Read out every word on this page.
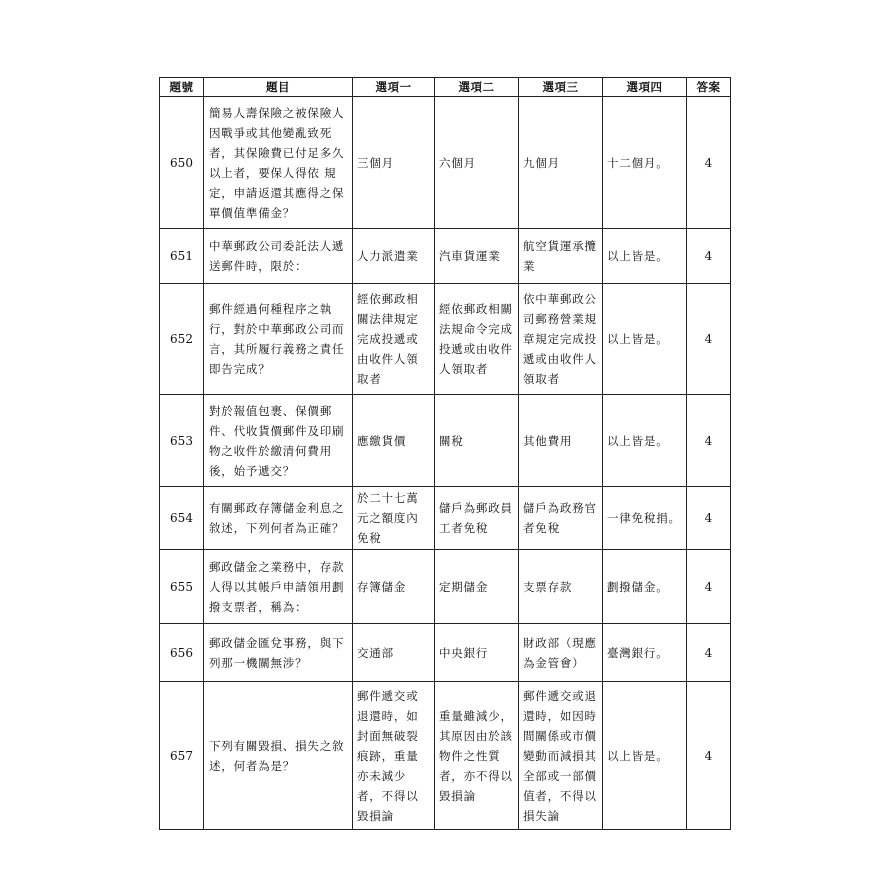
題號	題目	選項一	選項二	選項三	選項四	答案
650	簡易人壽保險之被保險人因戰爭或其他變亂致死者，其保險費已付足多久以上者，要保人得依 規定，申請返還其應得之保單價值準備金？	三個月	六個月	九個月	十二個月。	4
651	中華郵政公司委託法人遞送郵件時，限於：	人力派遣業	汽車貨運業	航空貨運承攬業	以上皆是。	4
652	郵件經過何種程序之執行，對於中華郵政公司而言，其所履行義務之責任即告完成？	經依郵政相關法律規定完成投遞或由收件人領取者	經依郵政相關法規命令完成投遞或由收件人領取者	依中華郵政公司郵務營業規章規定完成投遞或由收件人領取者	以上皆是。	4
653	對於報值包裹、保價郵件、代收貨價郵件及印刷物之收件於繳清何費用後，始予遞交？	應繳貨價	關稅	其他費用	以上皆是。	4
654	有關郵政存簿儲金利息之敘述，下列何者為正確？	於二十七萬元之額度內免稅	儲戶為郵政員工者免稅	儲戶為政務官者免稅	一律免稅捐。	4
655	郵政儲金之業務中，存款人得以其帳戶申請領用劃撥支票者，稱為：	存簿儲金	定期儲金	支票存款	劃撥儲金。	4
656	郵政儲金匯兌事務，與下列那一機關無涉？	交通部	中央銀行	財政部（現應為金管會）	臺灣銀行。	4
657	下列有關毀損、損失之敘述，何者為是？	郵件遞交或退還時，如封面無破裂痕跡，重量亦未減少者，不得以毀損論	重量雖減少，其原因由於該物件之性質者，亦不得以毀損論	郵件遞交或退還時，如因時間關係或市價變動而減損其全部或一部價值者，不得以損失論	以上皆是。	4
